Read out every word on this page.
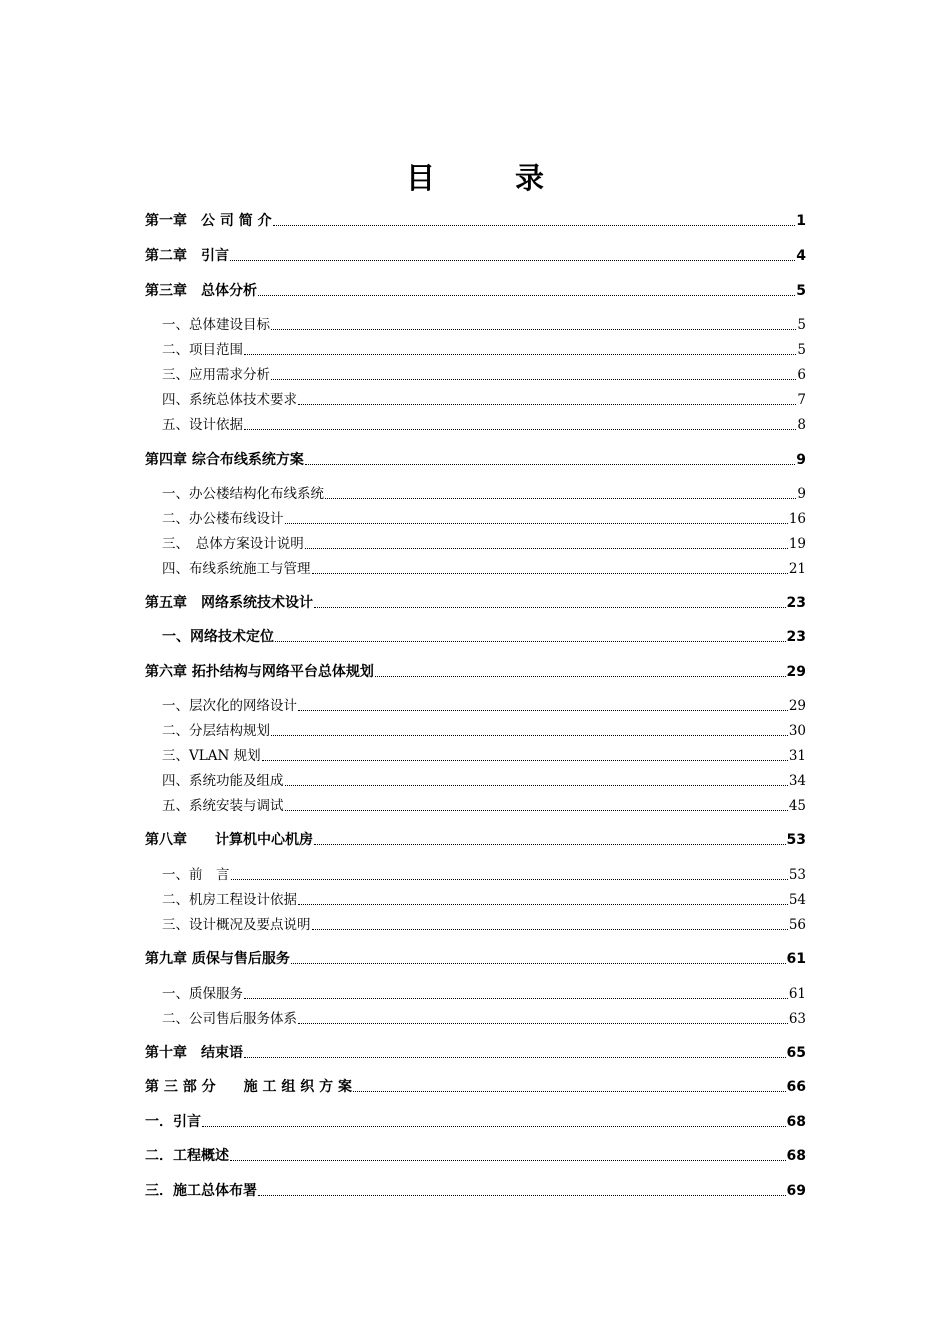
目	录
第一章　公 司 简 介	1
第二章　引言	4
第三章　总体分析	5
一、总体建设目标	5
二、项目范围	5
三、应用需求分析	6
四、系统总体技术要求	7
五、设计依据	8
第四章 综合布线系统方案	9
一、办公楼结构化布线系统	9
二、办公楼布线设计	16
三、　总体方案设计说明	19
四、布线系统施工与管理	21
第五章　网络系统技术设计	23
一、网络技术定位	23
第六章 拓扑结构与网络平台总体规划	29
一、层次化的网络设计	29
二、分层结构规划	30
三、VLAN 规划	31
四、系统功能及组成	34
五、系统安装与调试	45
第八章　　计算机中心机房	53
一、前　言	53
二、机房工程设计依据	54
三、设计概况及要点说明	56
第九章 质保与售后服务	61
一、质保服务	61
二、公司售后服务体系	63
第十章　结束语	65
第 三 部 分　　施 工 组 织 方 案	66
一．引言	68
二．工程概述	68
三．施工总体布署	69
